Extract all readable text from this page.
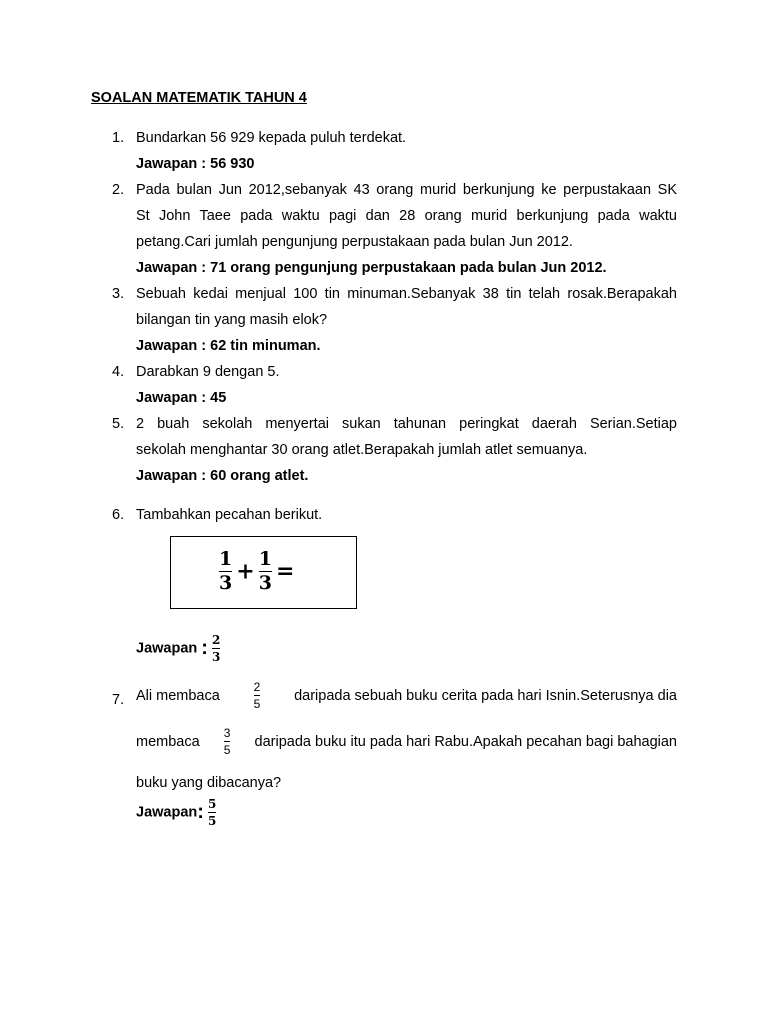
SOALAN MATEMATIK TAHUN 4
1. Bundarkan 56 929 kepada puluh terdekat.
Jawapan : 56 930
2. Pada bulan Jun 2012,sebanyak 43 orang murid berkunjung ke perpustakaan SK
St John Taee pada waktu pagi dan 28 orang murid berkunjung pada waktu
petang.Cari jumlah pengunjung perpustakaan pada bulan Jun 2012.
Jawapan : 71 orang pengunjung perpustakaan pada bulan Jun 2012.
3. Sebuah kedai menjual 100 tin minuman.Sebanyak 38 tin telah rosak.Berapakah
bilangan tin yang masih elok?
Jawapan : 62 tin minuman.
4. Darabkan 9 dengan 5.
Jawapan : 45
5. 2 buah sekolah menyertai sukan tahunan peringkat daerah Serian.Setiap
sekolah menghantar 30 orang atlet.Berapakah jumlah atlet semuanya.
Jawapan : 60 orang atlet.
6. Tambahkan pecahan berikut.
$\frac{1}{3} + \frac{1}{3}$ =
Jawapan : $\frac{2}{3}$
7. Ali membaca	$\frac{2}{5}$ daripada sebuah buku cerita pada hari Isnin.Seterusnya dia
membaca $\frac{3}{5}$ daripada buku itu pada hari Rabu.Apakah pecahan bagi bahagian
buku yang dibacanya?
Jawapan: $\frac{5}{5}$
